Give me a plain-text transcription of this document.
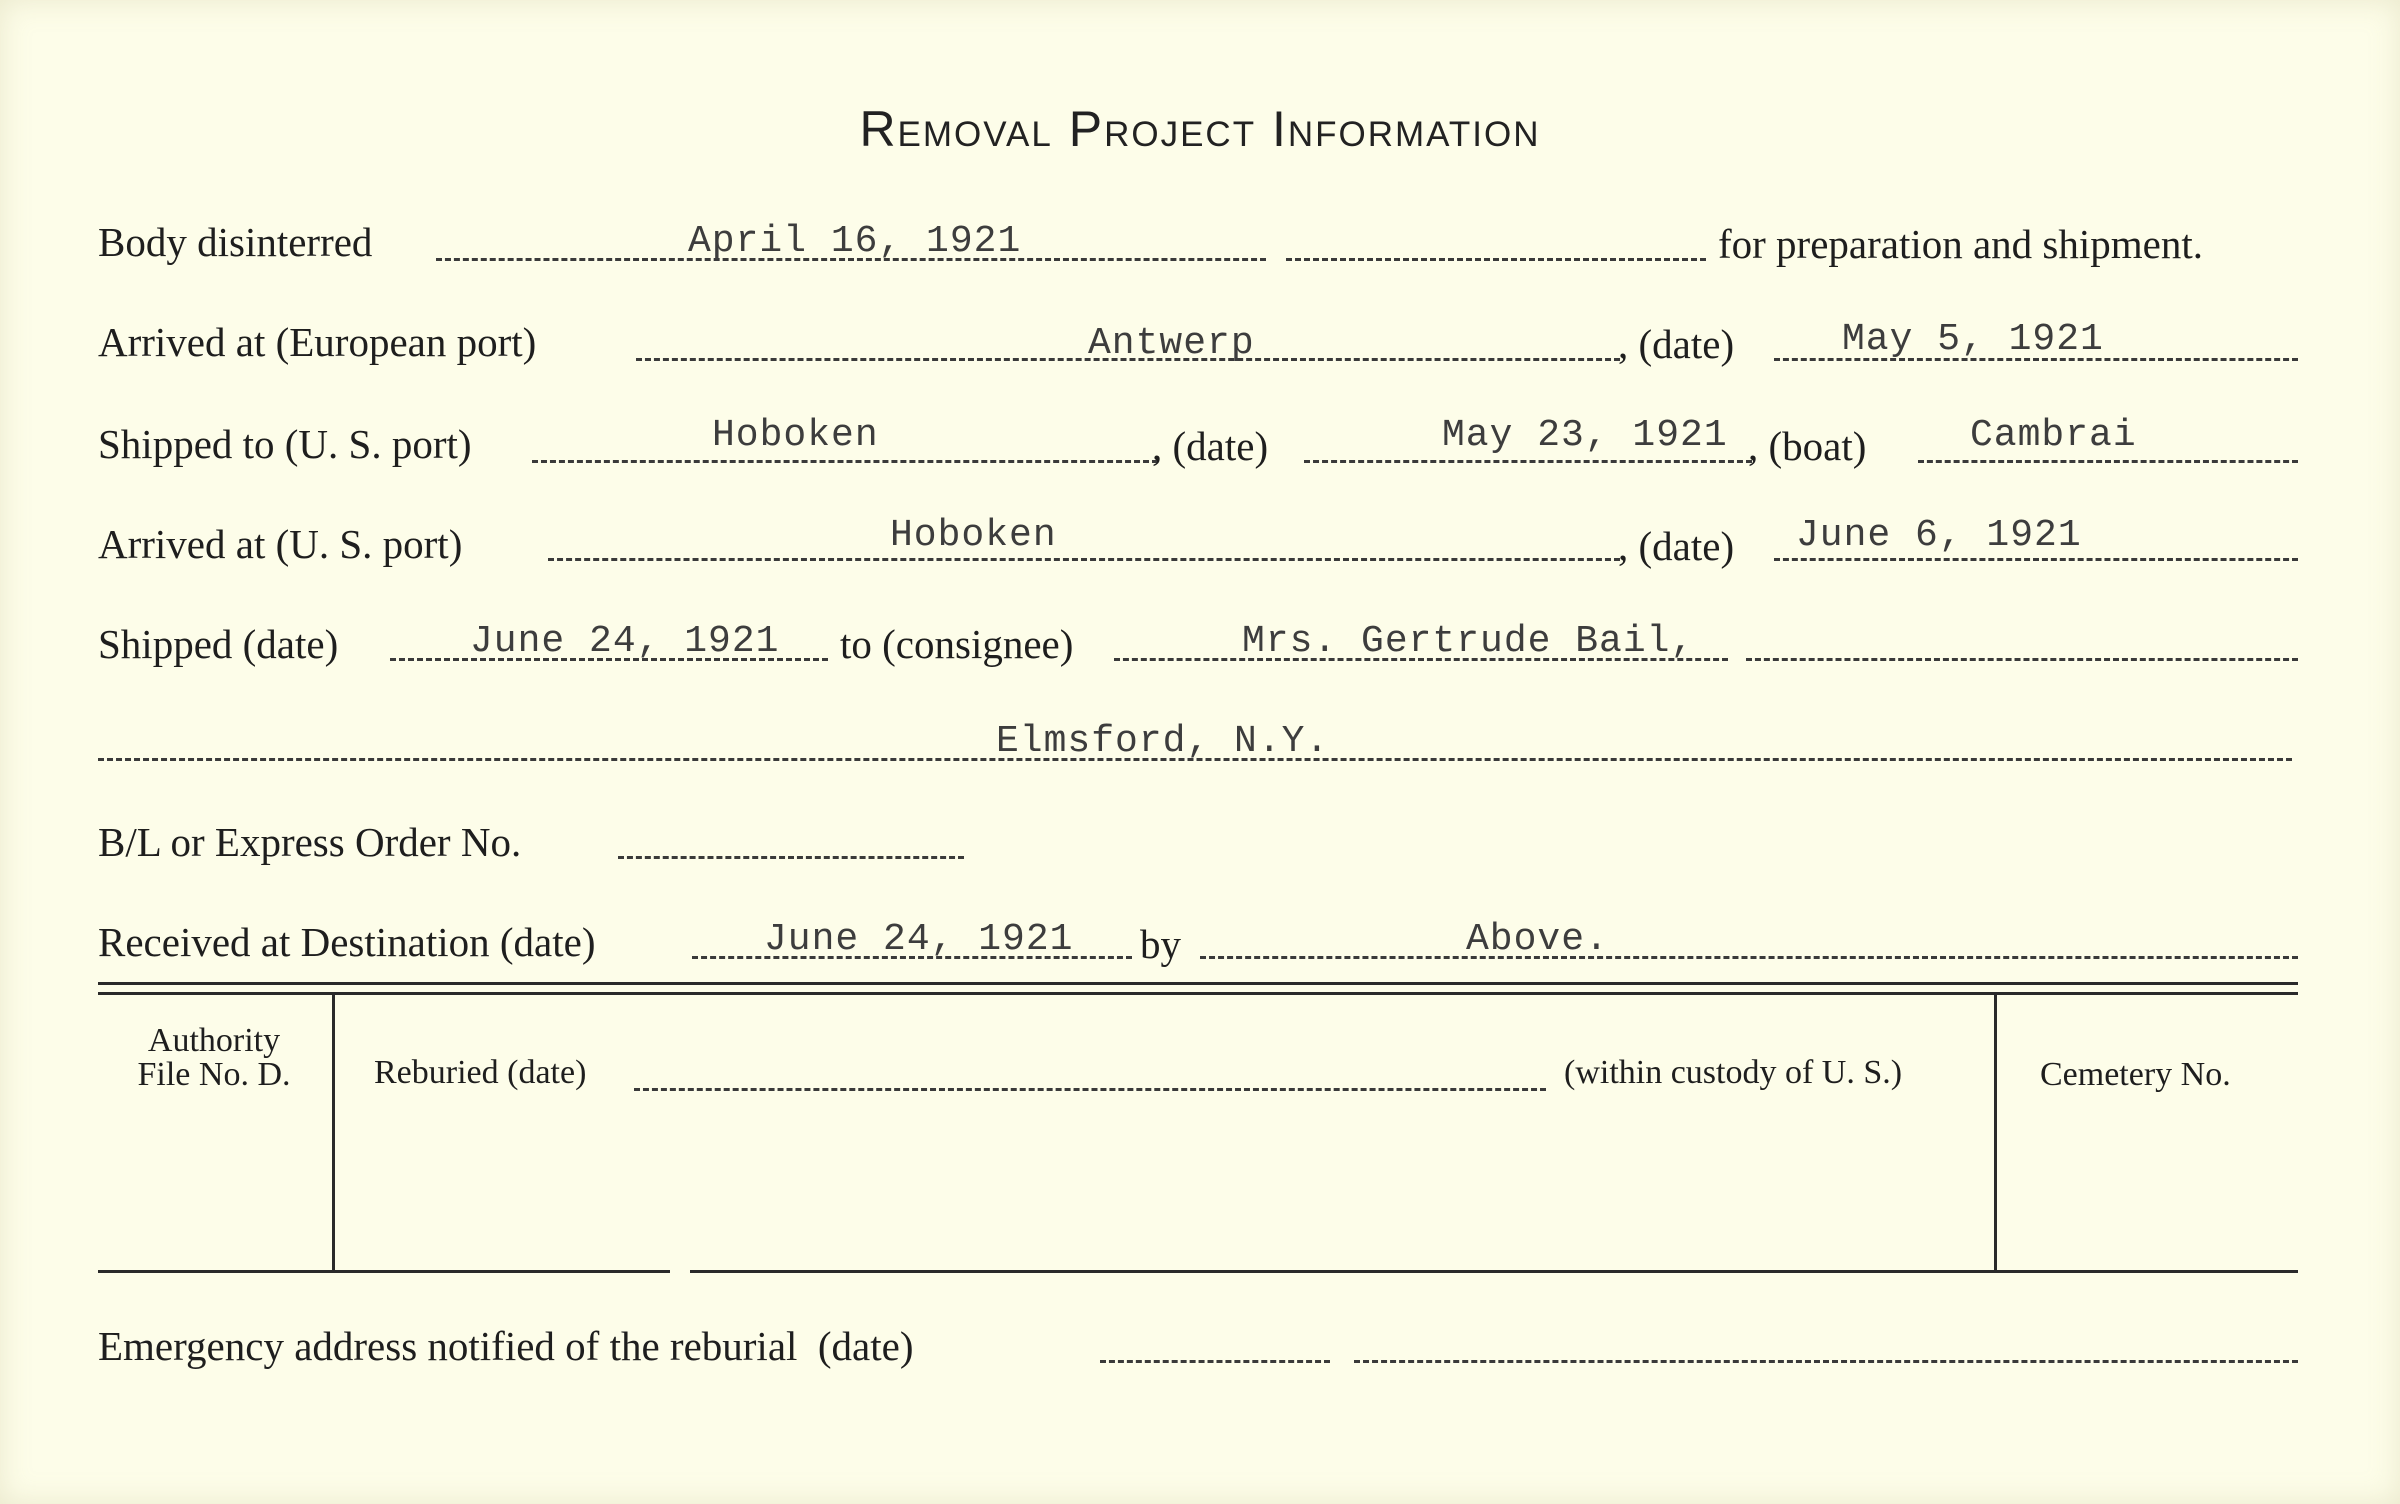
Removal Project Information
Body disinterred	April 16, 1921	for preparation and shipment.
Arrived at (European port)	Antwerp	, (date)	May 5, 1921
Shipped to (U. S. port)	Hoboken	, (date)	May 23, 1921 , (boat)	Cambrai
Arrived at (U. S. port)	Hoboken	, (date) June 6, 1921
Shipped (date)	June 24, 1921 to (consignee)	Mrs. Gertrude Bail,
Elmsford, N.Y.
B/L or Express Order No.
Received at Destination (date)	June 24, 1921 by	Above.
Authority
File No. D.	Reburied (date)	(within custody of U. S.)	Cemetery No.
Emergency address notified of the reburial  (date)
